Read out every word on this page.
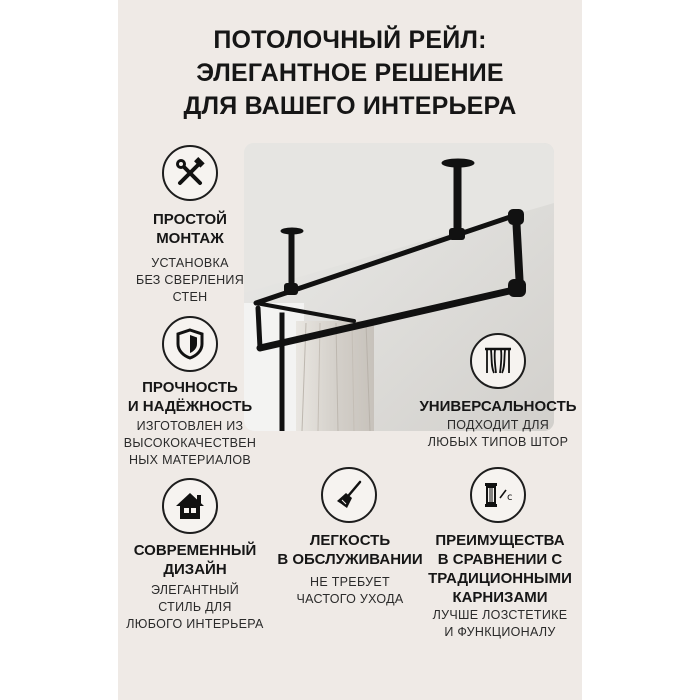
ПОТОЛОЧНЫЙ РЕЙЛ:
ЭЛЕГАНТНОЕ РЕШЕНИЕ
ДЛЯ ВАШЕГО ИНТЕРЬЕРА
ПРОСТОЙ
МОНТАЖ
УСТАНОВКА
БЕЗ СВЕРЛЕНИЯ
СТЕН
ПРОЧНОСТЬ
И НАДЁЖНОСТЬ
ИЗГОТОВЛЕН ИЗ
ВЫСОКОКАЧЕСТВЕН
НЫХ МАТЕРИАЛОВ
УНИВЕРСАЛЬНОСТЬ
ПОДХОДИТ ДЛЯ
ЛЮБЫХ ТИПОВ ШТОР
СОВРЕМЕННЫЙ
ДИЗАЙН
ЭЛЕГАНТНЫЙ
СТИЛЬ ДЛЯ
ЛЮБОГО ИНТЕРЬЕРА
ЛЕГКОСТЬ
В ОБСЛУЖИВАНИИ
НЕ ТРЕБУЕТ
ЧАСТОГО УХОДА
c
ПРЕИМУЩЕСТВА
В СРАВНЕНИИ С
ТРАДИЦИОННЫМИ
КАРНИЗАМИ
ЛУЧШЕ ЛОЗСТЕТИКЕ
И ФУНКЦИОНАЛУ
